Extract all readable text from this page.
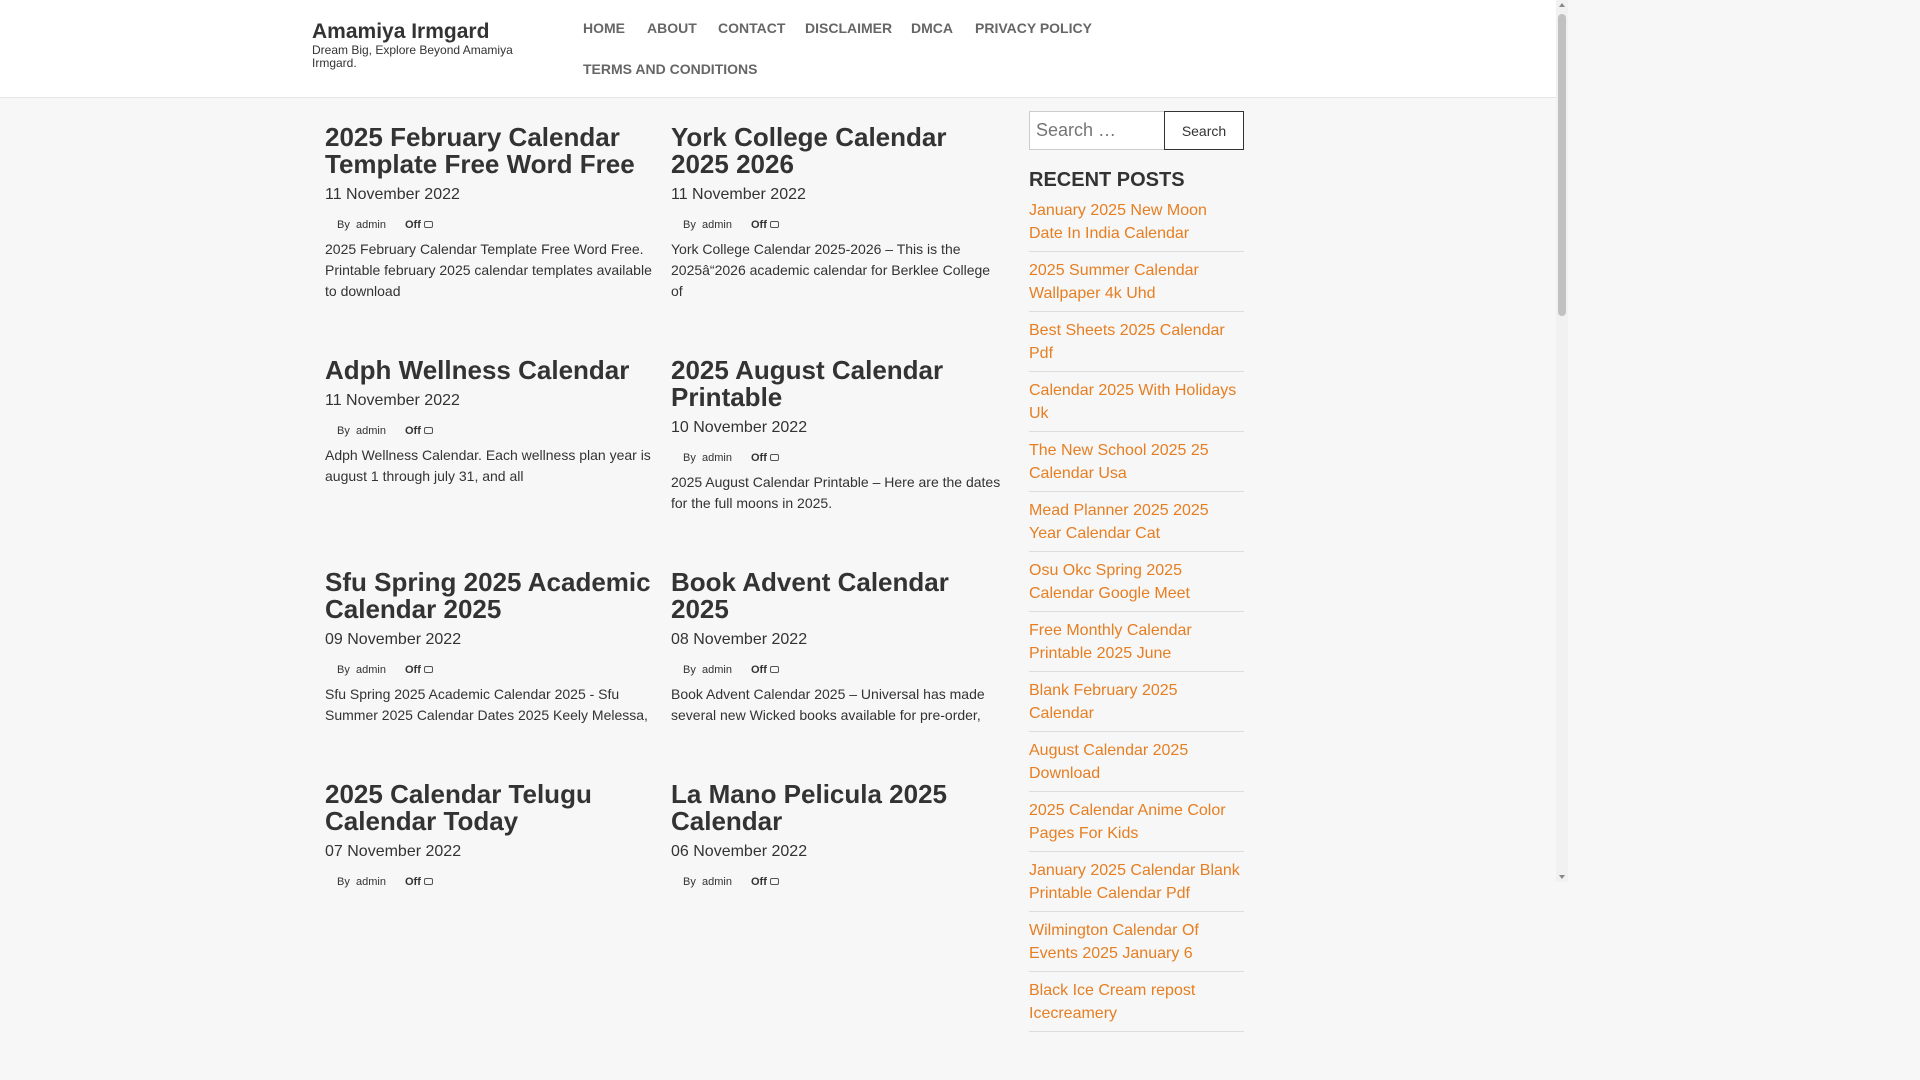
Amamiya Irmgard
Dream Big, Explore Beyond Amamiya Irmgard.
HOME ABOUT CONTACT DISCLAIMER DMCA PRIVACY POLICY
TERMS AND CONDITIONS
2025 February Calendar Template Free Word Free
11 November 2022
By admin Off

2025 February Calendar Template Free Word Free. Printable february 2025 calendar templates available to download

York College Calendar 2025 2026
11 November 2022
By admin Off

York College Calendar 2025-2026 – This is the 2025â“2026 academic calendar for Berklee College of

Adph Wellness Calendar
11 November 2022
By admin Off

Adph Wellness Calendar. Each wellness plan year is august 1 through july 31, and all

2025 August Calendar Printable
10 November 2022
By admin Off

2025 August Calendar Printable – Here are the dates for the full moons in 2025.

Sfu Spring 2025 Academic Calendar 2025
09 November 2022
By admin Off

Sfu Spring 2025 Academic Calendar 2025 - Sfu Summer 2025 Calendar Dates 2025 Keely Melessa,

Book Advent Calendar 2025
08 November 2022
By admin Off

Book Advent Calendar 2025 – Universal has made several new Wicked books available for pre-order,

2025 Calendar Telugu Calendar Today
07 November 2022
By admin Off
La Mano Pelicula 2025 Calendar
06 November 2022
By admin Off
Search …
Search
RECENT POSTS
January 2025 New Moon Date In India Calendar
2025 Summer Calendar Wallpaper 4k Uhd
Best Sheets 2025 Calendar Pdf
Calendar 2025 With Holidays Uk
The New School 2025 25 Calendar Usa
Mead Planner 2025 2025 Year Calendar Cat
Osu Okc Spring 2025 Calendar Google Meet
Free Monthly Calendar Printable 2025 June
Blank February 2025 Calendar
August Calendar 2025 Download
2025 Calendar Anime Color Pages For Kids
January 2025 Calendar Blank Printable Calendar Pdf
Wilmington Calendar Of Events 2025 January 6
Black Ice Cream repost Icecreamery
